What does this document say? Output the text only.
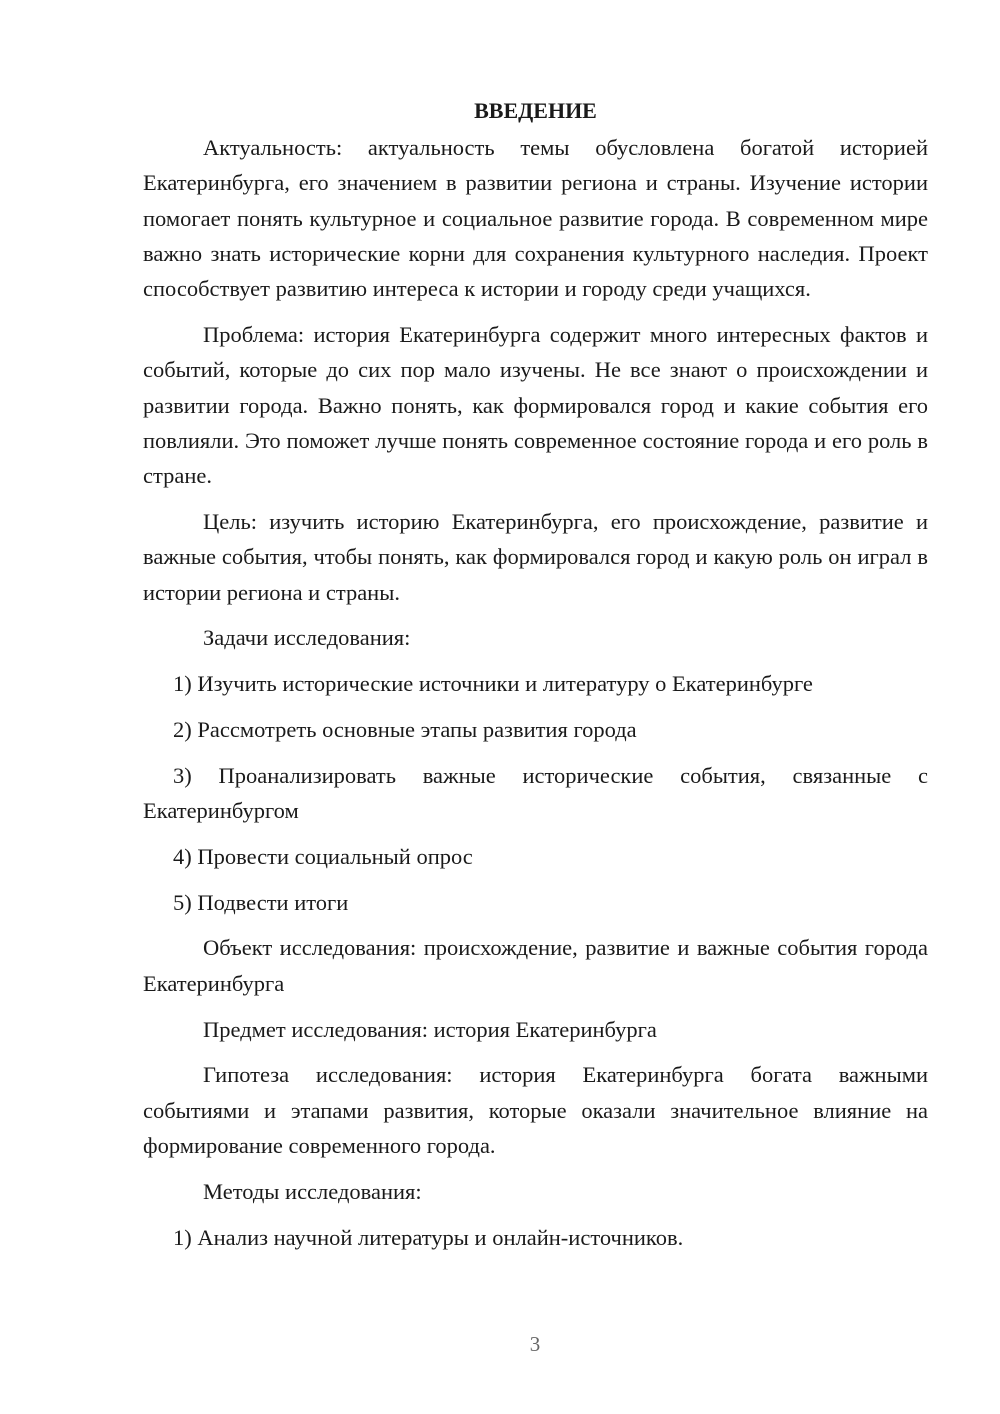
ВВЕДЕНИЕ

Актуальность: актуальность темы обусловлена богатой историей Екатеринбурга, его значением в развитии региона и страны. Изучение истории помогает понять культурное и социальное развитие города. В современном мире важно знать исторические корни для сохранения культурного наследия. Проект способствует развитию интереса к истории и городу среди учащихся.

Проблема: история Екатеринбурга содержит много интересных фактов и событий, которые до сих пор мало изучены. Не все знают о происхождении и развитии города. Важно понять, как формировался город и какие события его повлияли. Это поможет лучше понять современное состояние города и его роль в стране.

Цель: изучить историю Екатеринбурга, его происхождение, развитие и важные события, чтобы понять, как формировался город и какую роль он играл в истории региона и страны.

Задачи исследования:

1) Изучить исторические источники и литературу о Екатеринбурге

2) Рассмотреть основные этапы развития города

3) Проанализировать важные исторические события, связанные с Екатеринбургом

4) Провести социальный опрос

5) Подвести итоги

Объект исследования: происхождение, развитие и важные события города Екатеринбурга

Предмет исследования: история Екатеринбурга

Гипотеза исследования: история Екатеринбурга богата важными событиями и этапами развития, которые оказали значительное влияние на формирование современного города.

Методы исследования:

1) Анализ научной литературы и онлайн-источников.

3
